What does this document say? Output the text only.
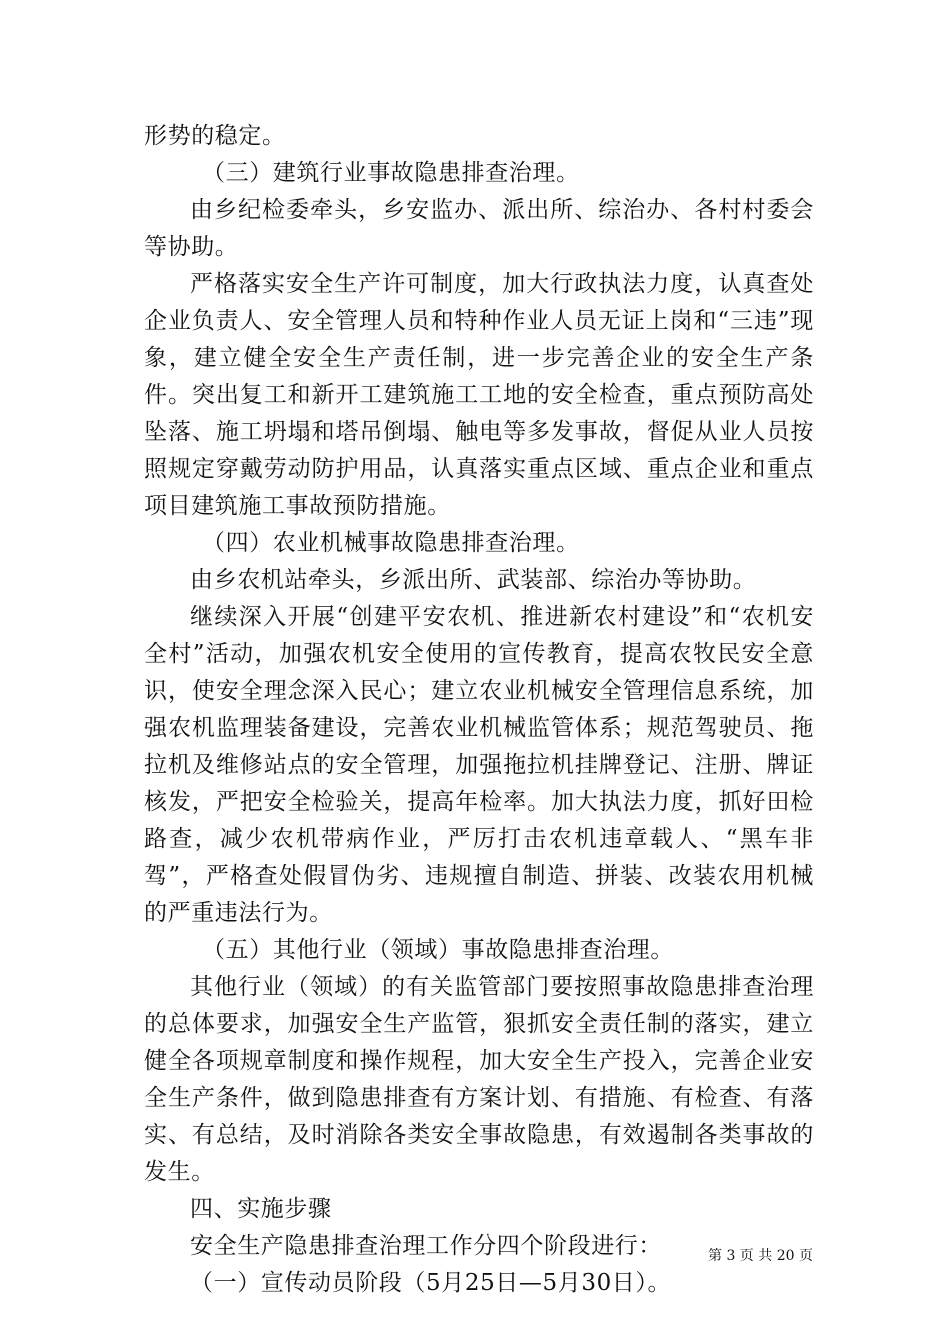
形势的稳定。

（三）建筑行业事故隐患排查治理。

由乡纪检委牵头，乡安监办、派出所、综治办、各村村委会等协助。

严格落实安全生产许可制度，加大行政执法力度，认真查处企业负责人、安全管理人员和特种作业人员无证上岗和“三违”现象，建立健全安全生产责任制，进一步完善企业的安全生产条件。突出复工和新开工建筑施工工地的安全检查，重点预防高处坠落、施工坍塌和塔吊倒塌、触电等多发事故，督促从业人员按照规定穿戴劳动防护用品，认真落实重点区域、重点企业和重点项目建筑施工事故预防措施。

（四）农业机械事故隐患排查治理。

由乡农机站牵头，乡派出所、武装部、综治办等协助。

继续深入开展“创建平安农机、推进新农村建设”和“农机安全村”活动，加强农机安全使用的宣传教育，提高农牧民安全意识，使安全理念深入民心；建立农业机械安全管理信息系统，加强农机监理装备建设，完善农业机械监管体系；规范驾驶员、拖拉机及维修站点的安全管理，加强拖拉机挂牌登记、注册、牌证核发，严把安全检验关，提高年检率。加大执法力度，抓好田检路查，减少农机带病作业，严厉打击农机违章载人、“黑车非驾”，严格查处假冒伪劣、违规擅自制造、拼装、改装农用机械的严重违法行为。

（五）其他行业（领域）事故隐患排查治理。

其他行业（领域）的有关监管部门要按照事故隐患排查治理的总体要求，加强安全生产监管，狠抓安全责任制的落实，建立健全各项规章制度和操作规程，加大安全生产投入，完善企业安全生产条件，做到隐患排查有方案计划、有措施、有检查、有落实、有总结，及时消除各类安全事故隐患，有效遏制各类事故的发生。

四、实施步骤

安全生产隐患排查治理工作分四个阶段进行：

（一）宣传动员阶段（5月25日—5月30日）。

第 3 页 共 20 页
